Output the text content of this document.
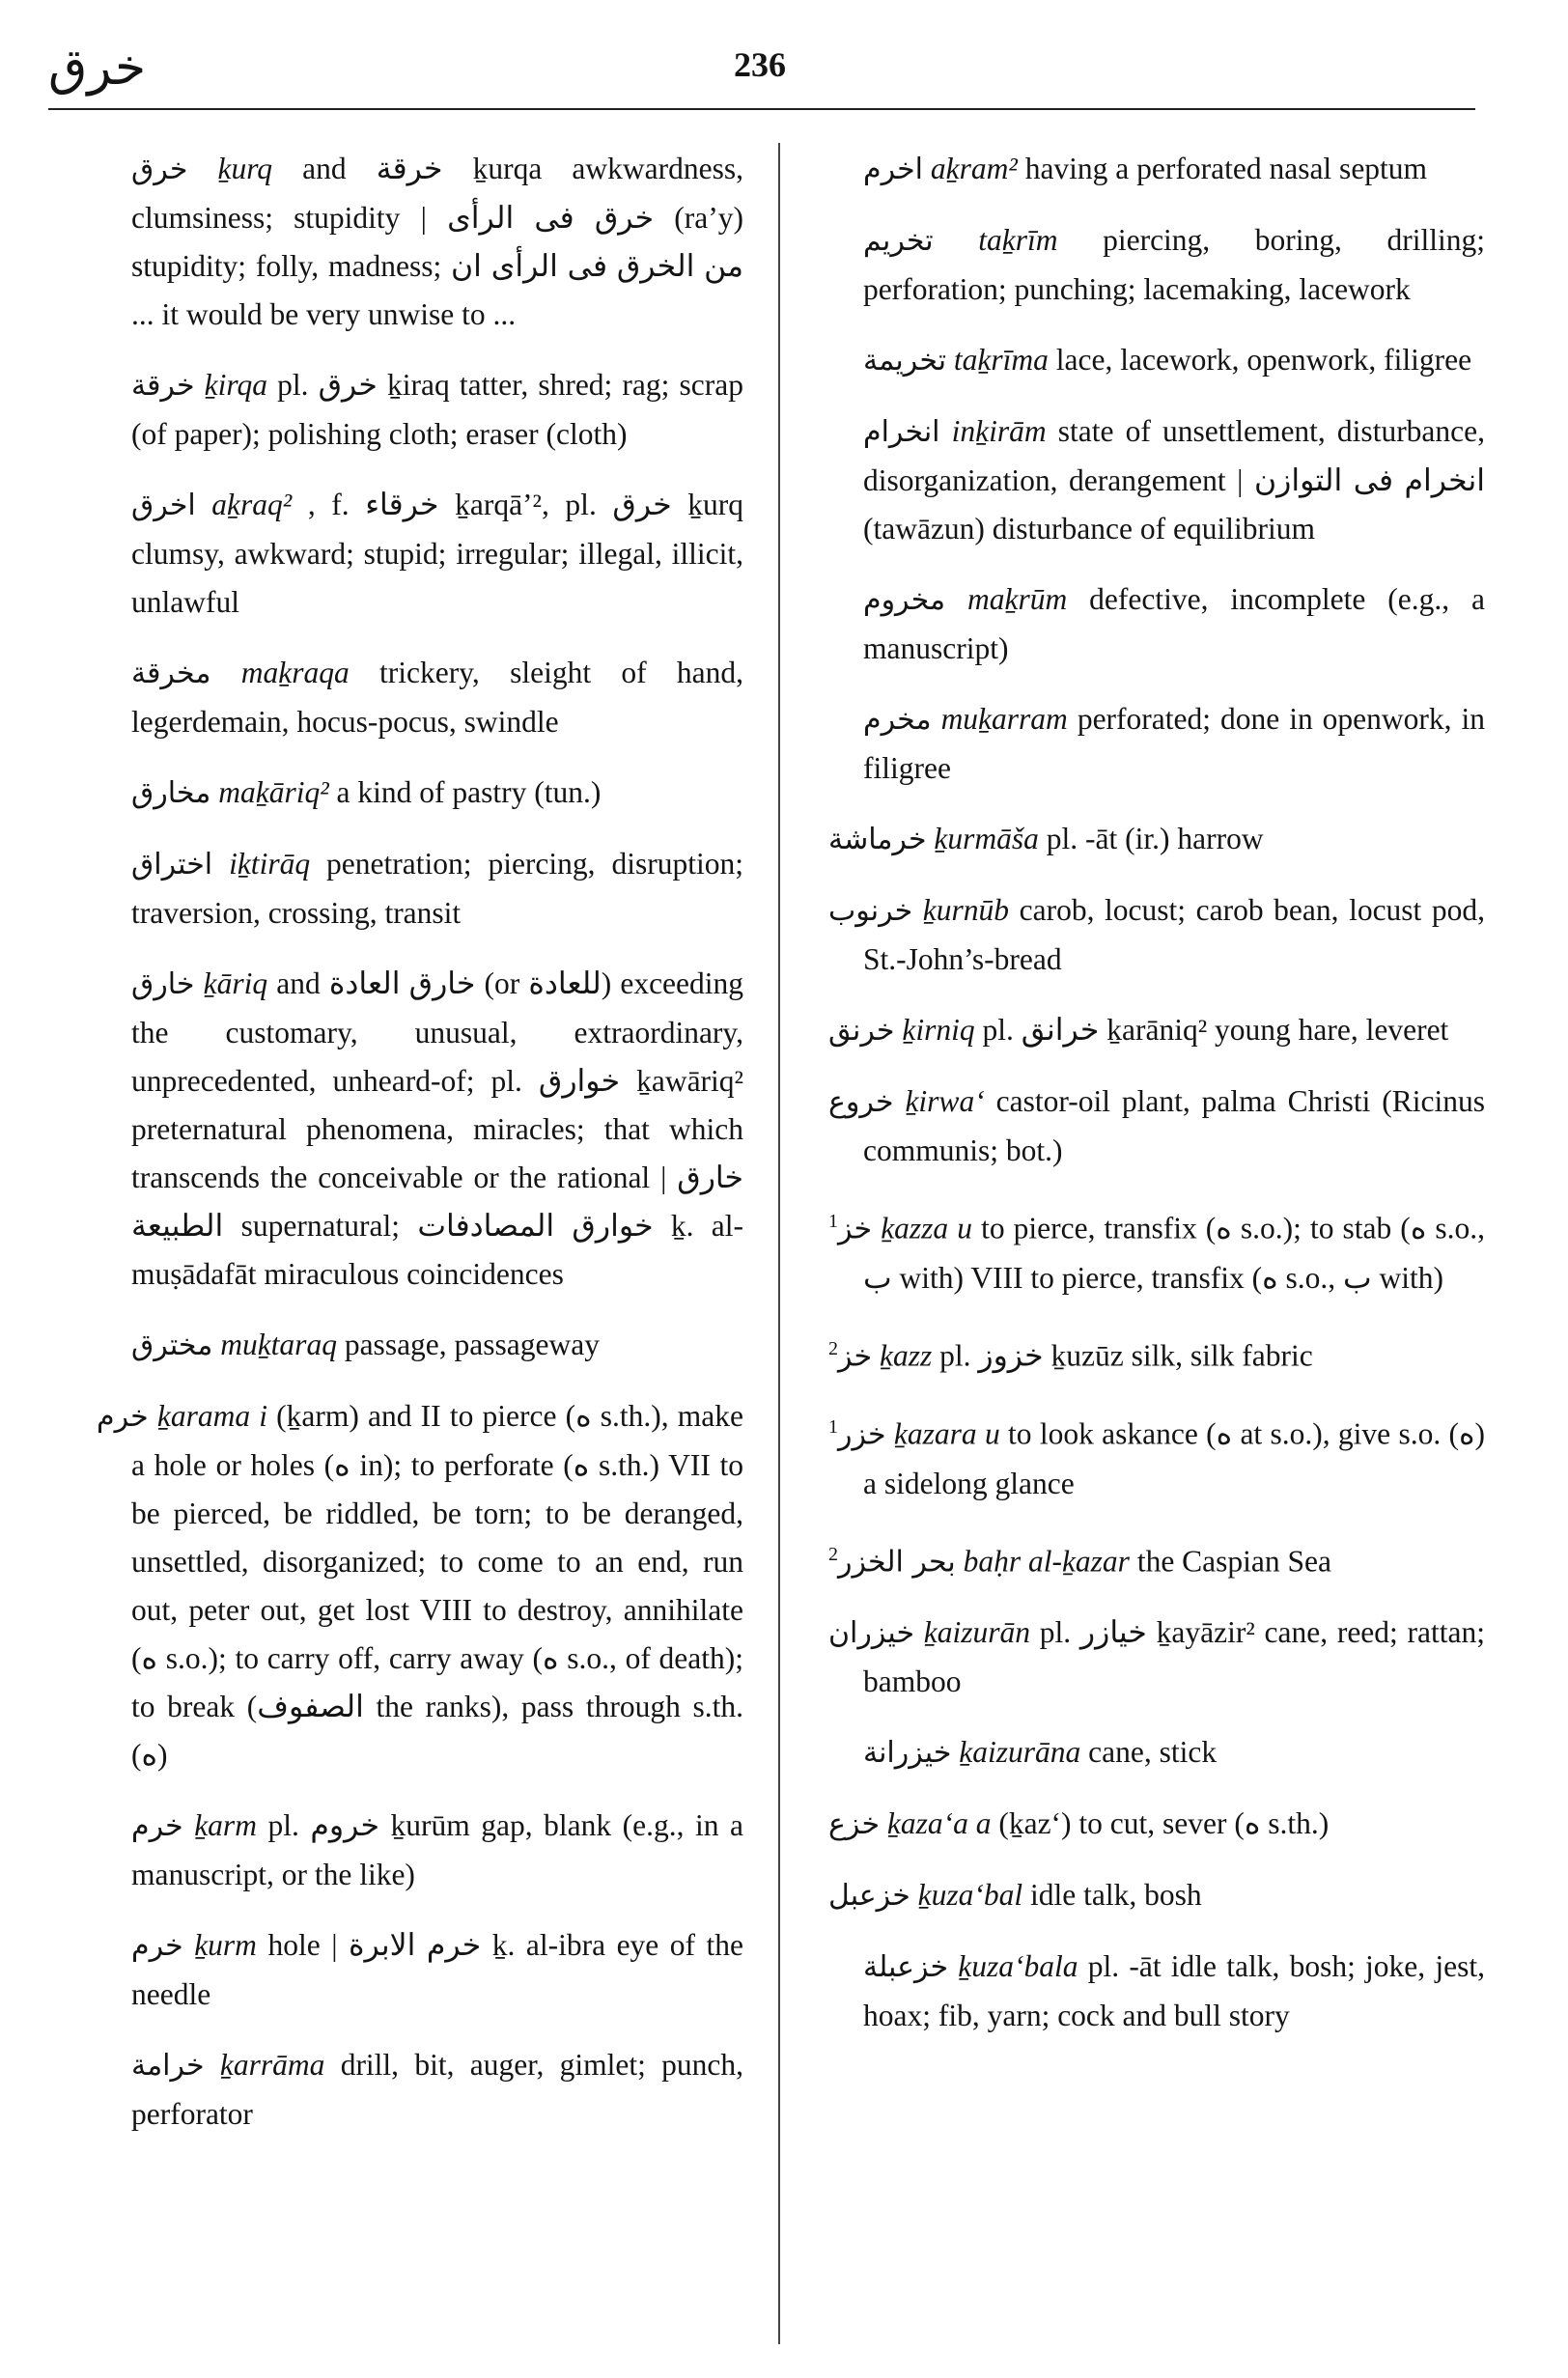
خرق	236
خرق ḵurq and خرقة ḵurqa awkwardness, clumsiness; stupidity | خرق فى الرأى (ra’y) stupidity; folly, madness; من الخرق فى الرأى ان ... it would be very unwise to ...
خرقة ḵirqa pl. خرق ḵiraq tatter, shred; rag; scrap (of paper); polishing cloth; eraser (cloth)
اخرق aḵraq² , f. خرقاء ḵarqā’², pl. خرق ḵurq clumsy, awkward; stupid; irregular; illegal, illicit, unlawful
مخرقة maḵraqa trickery, sleight of hand, legerdemain, hocus-pocus, swindle
مخارق maḵāriq² a kind of pastry (tun.)
اختراق iḵtirāq penetration; piercing, disruption; traversion, crossing, transit
خارق ḵāriq and خارق العادة (or للعادة) exceeding the customary, unusual, extraordinary, unprecedented, unheard-of; pl. خوارق ḵawāriq² preternatural phenomena, miracles; that which transcends the conceivable or the rational | خارق الطبيعة supernatural; خوارق المصادفات ḵ. al-muṣādafāt miraculous coincidences
مخترق muḵtaraq passage, passageway
خرم ḵarama i (ḵarm) and II to pierce (ه s.th.), make a hole or holes (ه in); to perforate (ه s.th.) VII to be pierced, be riddled, be torn; to be deranged, unsettled, disorganized; to come to an end, run out, peter out, get lost VIII to destroy, annihilate (ه s.o.); to carry off, carry away (ه s.o., of death); to break (الصفوف the ranks), pass through s.th. (ه)
خرم ḵarm pl. خروم ḵurūm gap, blank (e.g., in a manuscript, or the like)
خرم ḵurm hole | خرم الابرة ḵ. al-ibra eye of the needle
خرامة ḵarrāma drill, bit, auger, gimlet; punch, perforator
اخرم aḵram² having a perforated nasal septum
تخريم taḵrīm piercing, boring, drilling; perforation; punching; lacemaking, lacework
تخريمة taḵrīma lace, lacework, openwork, filigree
انخرام inḵirām state of unsettlement, disturbance, disorganization, derangement | انخرام فى التوازن (tawāzun) disturbance of equilibrium
مخروم maḵrūm defective, incomplete (e.g., a manuscript)
مخرم muḵarram perforated; done in openwork, in filigree
خرماشة ḵurmāša pl. -āt (ir.) harrow
خرنوب ḵurnūb carob, locust; carob bean, locust pod, St.-John’s-bread
خرنق ḵirniq pl. خرانق ḵarāniq² young hare, leveret
خروع ḵirwa‘ castor-oil plant, palma Christi (Ricinus communis; bot.)
$^1$خز ḵazza u to pierce, transfix (ه s.o.); to stab (ه s.o., ب with) VIII to pierce, transfix (ه s.o., ب with)
$^2$خز ḵazz pl. خزوز ḵuzūz silk, silk fabric
$^1$خزر ḵazara u to look askance (ه at s.o.), give s.o. (ه) a sidelong glance
$^2$بحر الخزر baḥr al-ḵazar the Caspian Sea
خيزران ḵaizurān pl. خيازر ḵayāzir² cane, reed; rattan; bamboo
خيزرانة ḵaizurāna cane, stick
خزع ḵaza‘a a (ḵaz‘) to cut, sever (ه s.th.)
خزعبل ḵuza‘bal idle talk, bosh
خزعبلة ḵuza‘bala pl. -āt idle talk, bosh; joke, jest, hoax; fib, yarn; cock and bull story
